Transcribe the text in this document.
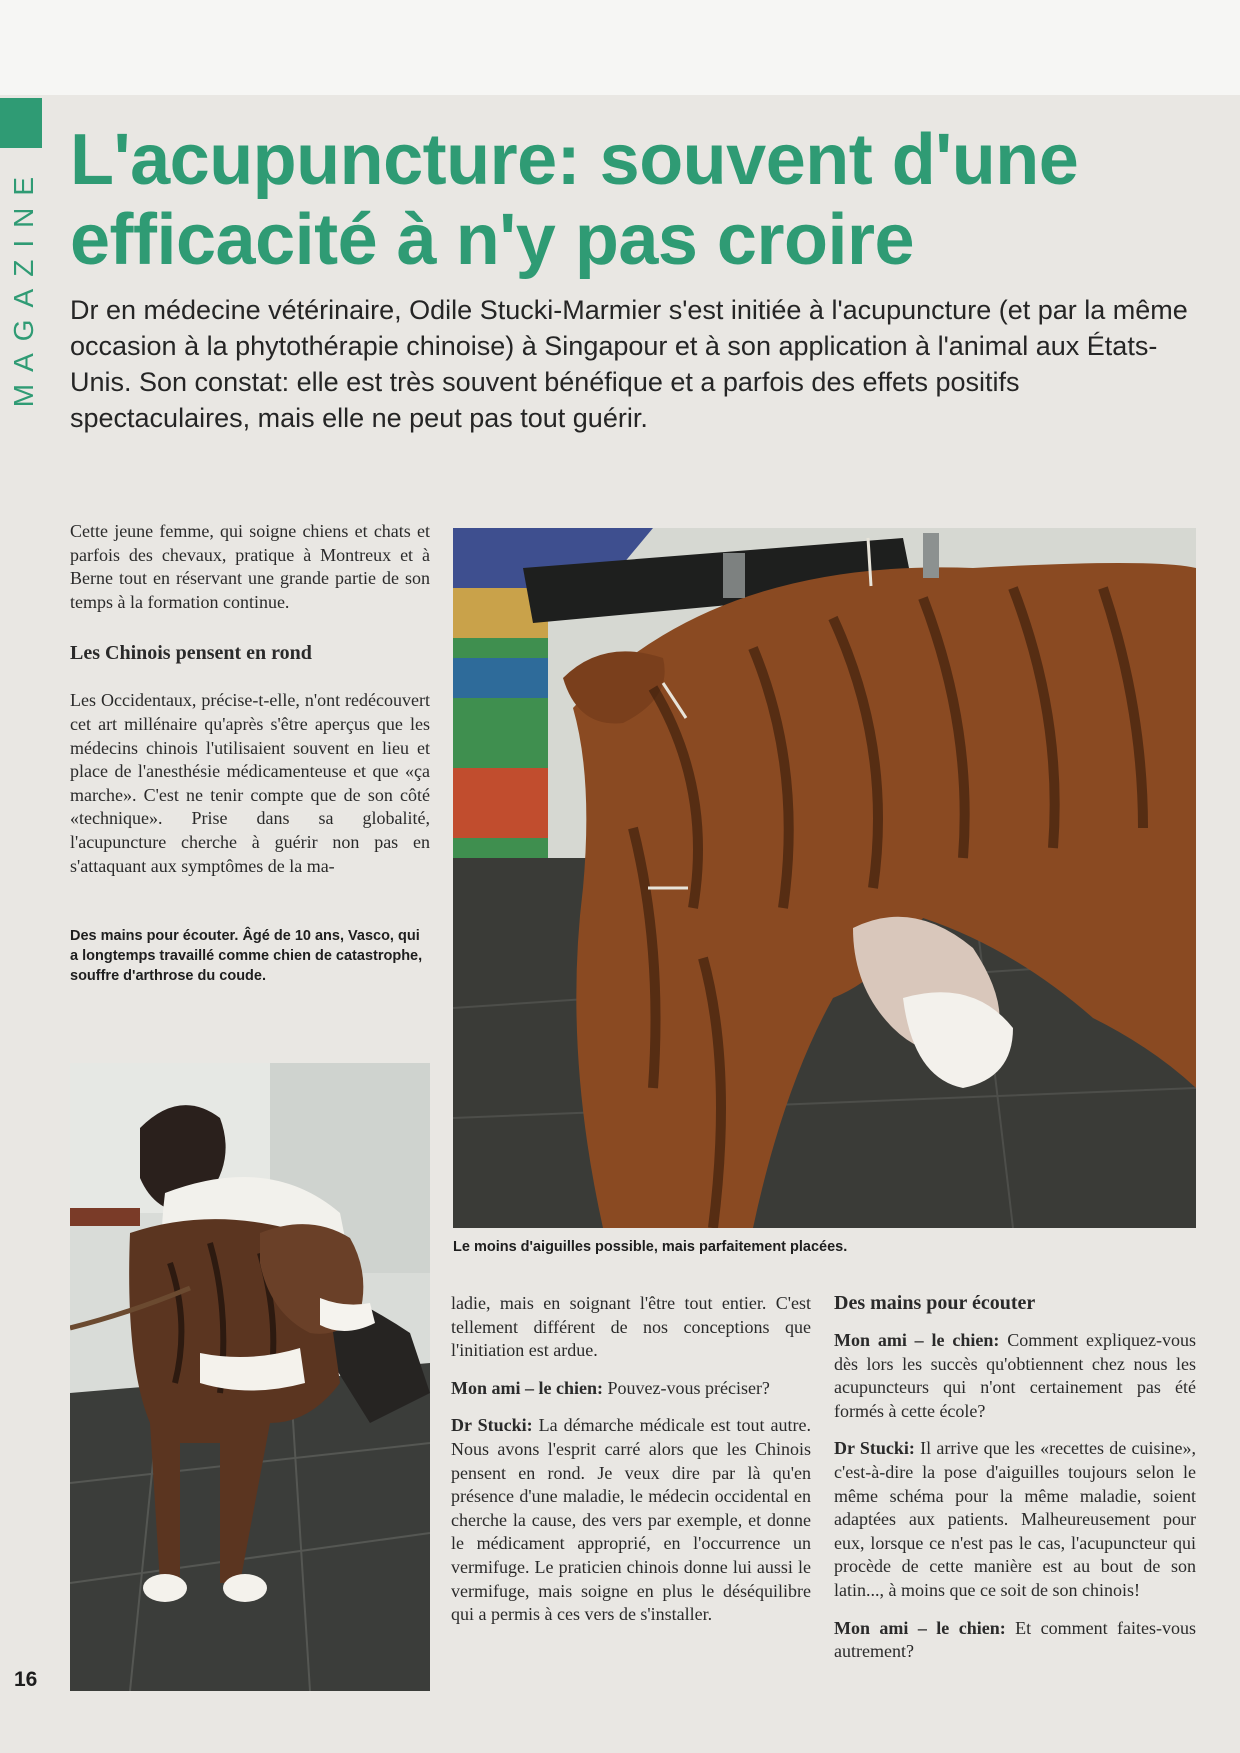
MAGAZINE
L'acupuncture: souvent d'une efficacité à n'y pas croire

Dr en médecine vétérinaire, Odile Stucki-Marmier s'est initiée à l'acupuncture (et par la même occasion à la phytothérapie chinoise) à Singapour et à son application à l'animal aux États-Unis. Son constat: elle est très souvent bénéfique et a parfois des effets positifs spectaculaires, mais elle ne peut pas tout guérir.

Cette jeune femme, qui soigne chiens et chats et parfois des chevaux, pratique à Montreux et à Berne tout en réservant une grande partie de son temps à la formation continue.

Les Chinois pensent en rond

Les Occidentaux, précise-t-elle, n'ont redécouvert cet art millénaire qu'après s'être aperçus que les médecins chinois l'utilisaient souvent en lieu et place de l'anesthésie médicamenteuse et que «ça marche». C'est ne tenir compte que de son côté «technique». Prise dans sa globalité, l'acupuncture cherche à guérir non pas en s'attaquant aux symptômes de la ma-

Des mains pour écouter. Âgé de 10 ans, Vasco, qui a longtemps travaillé comme chien de catastrophe, souffre d'arthrose du coude.

Le moins d'aiguilles possible, mais parfaitement placées.

ladie, mais en soignant l'être tout entier. C'est tellement différent de nos conceptions que l'initiation est ardue.

Mon ami – le chien: Pouvez-vous préciser?

Dr Stucki: La démarche médicale est tout autre. Nous avons l'esprit carré alors que les Chinois pensent en rond. Je veux dire par là qu'en présence d'une maladie, le médecin occidental en cherche la cause, des vers par exemple, et donne le médicament approprié, en l'occurrence un vermifuge. Le praticien chinois donne lui aussi le vermifuge, mais soigne en plus le déséquilibre qui a permis à ces vers de s'installer.

Des mains pour écouter

Mon ami – le chien: Comment expliquez-vous dès lors les succès qu'obtiennent chez nous les acupuncteurs qui n'ont certainement pas été formés à cette école?

Dr Stucki: Il arrive que les «recettes de cuisine», c'est-à-dire la pose d'aiguilles toujours selon le même schéma pour la même maladie, soient adaptées aux patients. Malheureusement pour eux, lorsque ce n'est pas le cas, l'acupuncteur qui procède de cette manière est au bout de son latin..., à moins que ce soit de son chinois!

Mon ami – le chien: Et comment faites-vous autrement?

16
